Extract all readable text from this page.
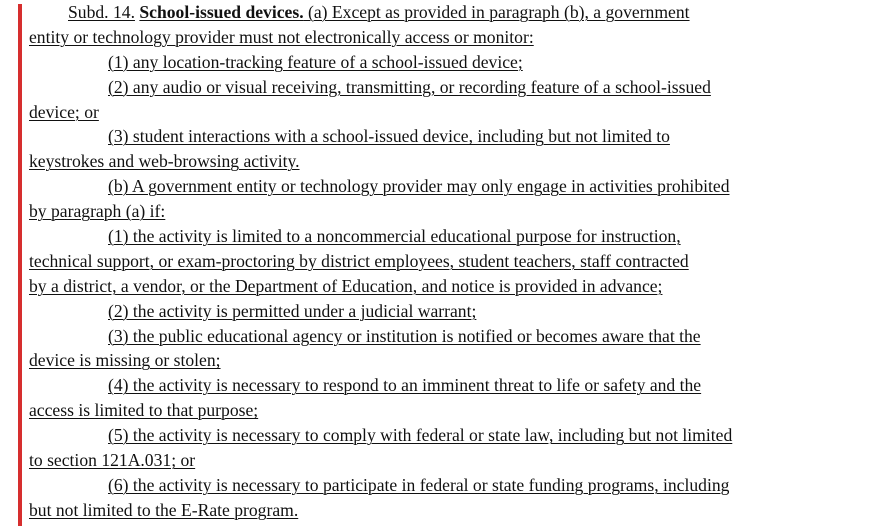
Subd. 14. School-issued devices. (a) Except as provided in paragraph (b), a government
entity or technology provider must not electronically access or monitor:
(1) any location-tracking feature of a school-issued device;
(2) any audio or visual receiving, transmitting, or recording feature of a school-issued
device; or
(3) student interactions with a school-issued device, including but not limited to
keystrokes and web-browsing activity.
(b) A government entity or technology provider may only engage in activities prohibited
by paragraph (a) if:
(1) the activity is limited to a noncommercial educational purpose for instruction,
technical support, or exam-proctoring by district employees, student teachers, staff contracted
by a district, a vendor, or the Department of Education, and notice is provided in advance;
(2) the activity is permitted under a judicial warrant;
(3) the public educational agency or institution is notified or becomes aware that the
device is missing or stolen;
(4) the activity is necessary to respond to an imminent threat to life or safety and the
access is limited to that purpose;
(5) the activity is necessary to comply with federal or state law, including but not limited
to section 121A.031; or
(6) the activity is necessary to participate in federal or state funding programs, including
but not limited to the E-Rate program.
